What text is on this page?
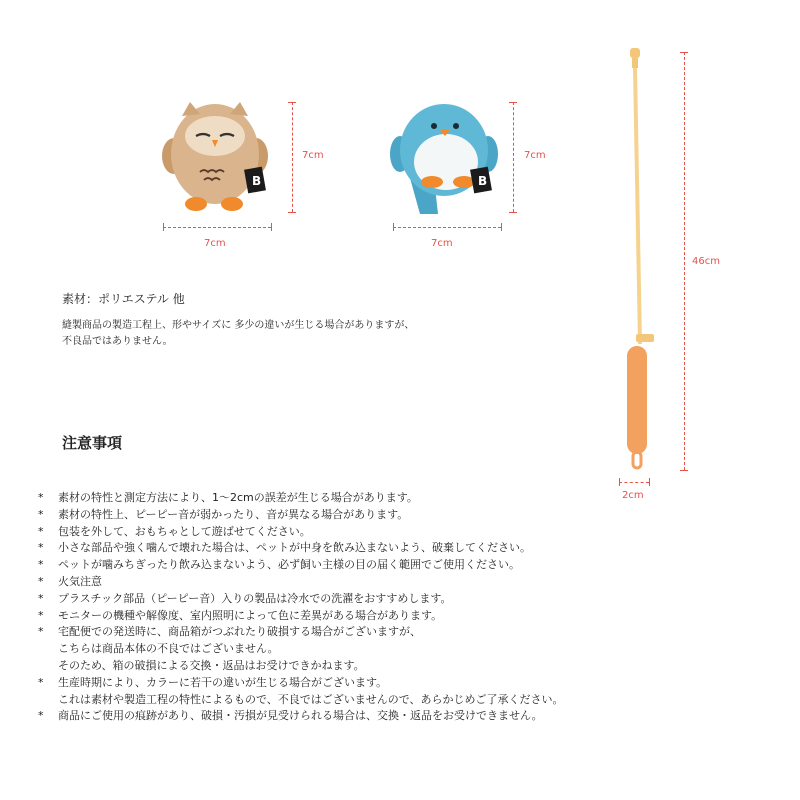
B
7cm
7cm
B
7cm
7cm
46cm
2cm
素材：ポリエステル 他
縫製商品の製造工程上、形やサイズに 多少の違いが生じる場合がありますが、
不良品ではありません。
注意事項
* 素材の特性と測定方法により、1〜2cmの誤差が生じる場合があります。
* 素材の特性上、ピーピー音が弱かったり、音が異なる場合があります。
* 包装を外して、おもちゃとして遊ばせてください。
* 小さな部品や強く噛んで壊れた場合は、ペットが中身を飲み込まないよう、破棄してください。
* ペットが噛みちぎったり飲み込まないよう、必ず飼い主様の目の届く範囲でご使用ください。
* 火気注意
* プラスチック部品（ピーピー音）入りの製品は冷水での洗濯をおすすめします。
* モニターの機種や解像度、室内照明によって色に差異がある場合があります。
* 宅配便での発送時に、商品箱がつぶれたり破損する場合がございますが、
こちらは商品本体の不良ではございません。
そのため、箱の破損による交換・返品はお受けできかねます。
* 生産時期により、カラーに若干の違いが生じる場合がございます。
これは素材や製造工程の特性によるもので、不良ではございませんので、あらかじめご了承ください。
* 商品にご使用の痕跡があり、破損・汚損が見受けられる場合は、交換・返品をお受けできません。
